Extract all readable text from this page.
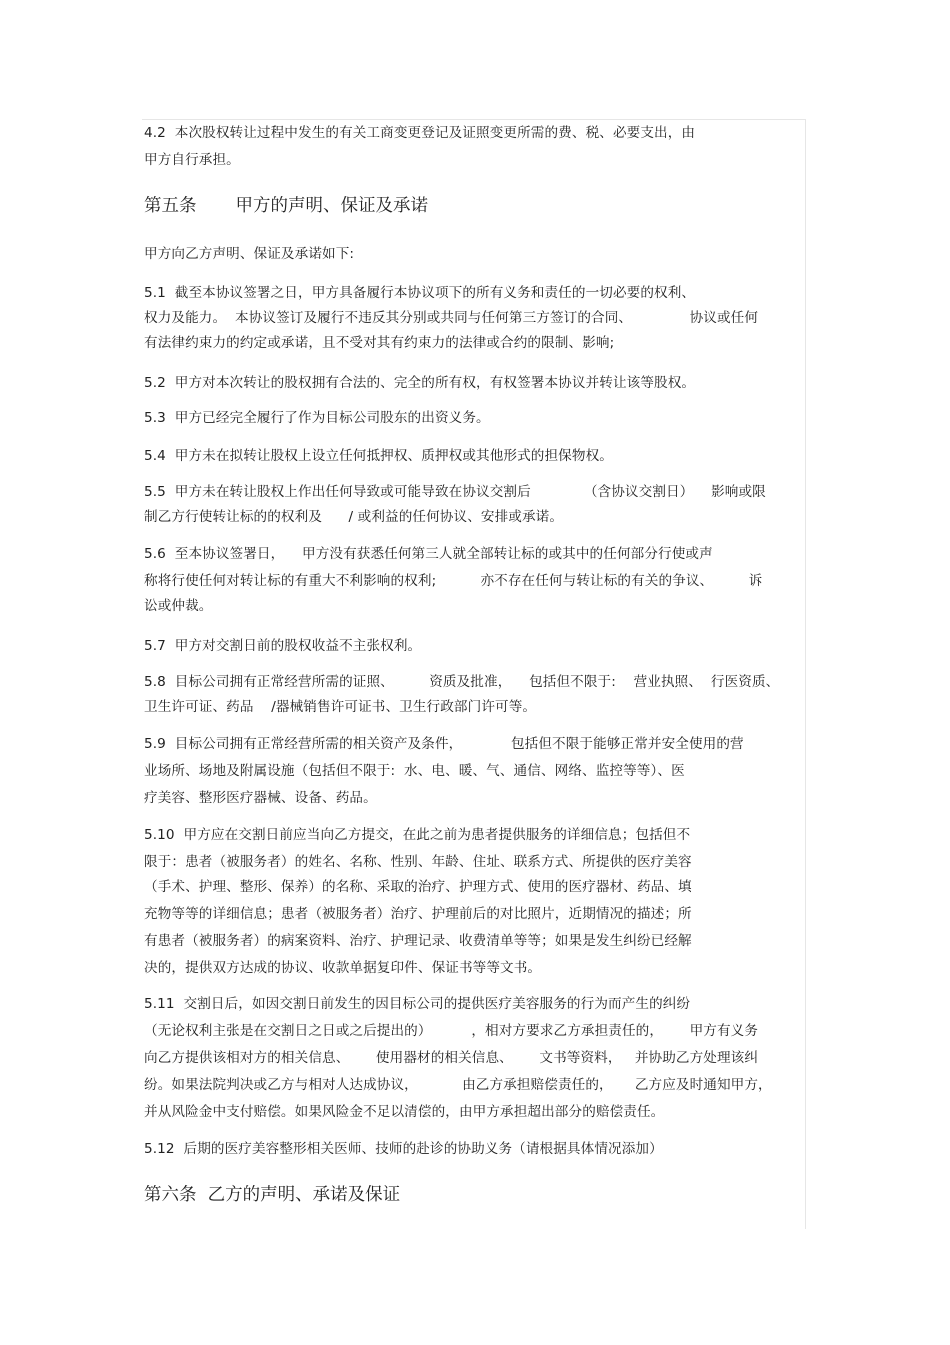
4.2  本次股权转让过程中发生的有关工商变更登记及证照变更所需的费、税、必要支出，由
甲方自行承担。
第五条       甲方的声明、保证及承诺
甲方向乙方声明、保证及承诺如下:
5.1  截至本协议签署之日，甲方具备履行本协议项下的所有义务和责任的一切必要的权利、
权力及能力。  本协议签订及履行不违反其分别或共同与任何第三方签订的合同、             协议或任何
有法律约束力的约定或承诺，且不受对其有约束力的法律或合约的限制、影响;
5.2  甲方对本次转让的股权拥有合法的、完全的所有权，有权签署本协议并转让该等股权。
5.3  甲方已经完全履行了作为目标公司股东的出资义务。
5.4  甲方未在拟转让股权上设立任何抵押权、质押权或其他形式的担保物权。
5.5  甲方未在转让股权上作出任何导致或可能导致在协议交割后            （含协议交割日）    影响或限
制乙方行使转让标的的权利及      / 或利益的任何协议、安排或承诺。
5.6  至本协议签署日，    甲方没有获悉任何第三人就全部转让标的或其中的任何部分行使或声
称将行使任何对转让标的有重大不利影响的权利;          亦不存在任何与转让标的有关的争议、        诉
讼或仲裁。
5.7  甲方对交割日前的股权收益不主张权利。
5.8  目标公司拥有正常经营所需的证照、        资质及批准，    包括但不限于:    营业执照、  行医资质、
卫生许可证、药品    /器械销售许可证书、卫生行政部门许可等。
5.9  目标公司拥有正常经营所需的相关资产及条件，           包括但不限于能够正常并安全使用的营
业场所、场地及附属设施（包括但不限于:  水、电、暖、气、通信、网络、监控等等）、医
疗美容、整形医疗器械、设备、药品。
5.10  甲方应在交割日前应当向乙方提交，在此之前为患者提供服务的详细信息；包括但不
限于：患者（被服务者）的姓名、名称、性别、年龄、住址、联系方式、所提供的医疗美容
（手术、护理、整形、保养）的名称、采取的治疗、护理方式、使用的医疗器材、药品、填
充物等等的详细信息；患者（被服务者）治疗、护理前后的对比照片，近期情况的描述；所
有患者（被服务者）的病案资料、治疗、护理记录、收费清单等等；如果是发生纠纷已经解
决的，提供双方达成的协议、收款单据复印件、保证书等等文书。
5.11  交割日后，如因交割日前发生的因目标公司的提供医疗美容服务的行为而产生的纠纷
（无论权利主张是在交割日之日或之后提出的）         ，相对方要求乙方承担责任的，      甲方有义务
向乙方提供该相对方的相关信息、      使用器材的相关信息、      文书等资料，   并协助乙方处理该纠
纷。如果法院判决或乙方与相对人达成协议，          由乙方承担赔偿责任的，     乙方应及时通知甲方，
并从风险金中支付赔偿。如果风险金不足以清偿的，由甲方承担超出部分的赔偿责任。
5.12  后期的医疗美容整形相关医师、技师的赴诊的协助义务（请根据具体情况添加）
第六条  乙方的声明、承诺及保证
